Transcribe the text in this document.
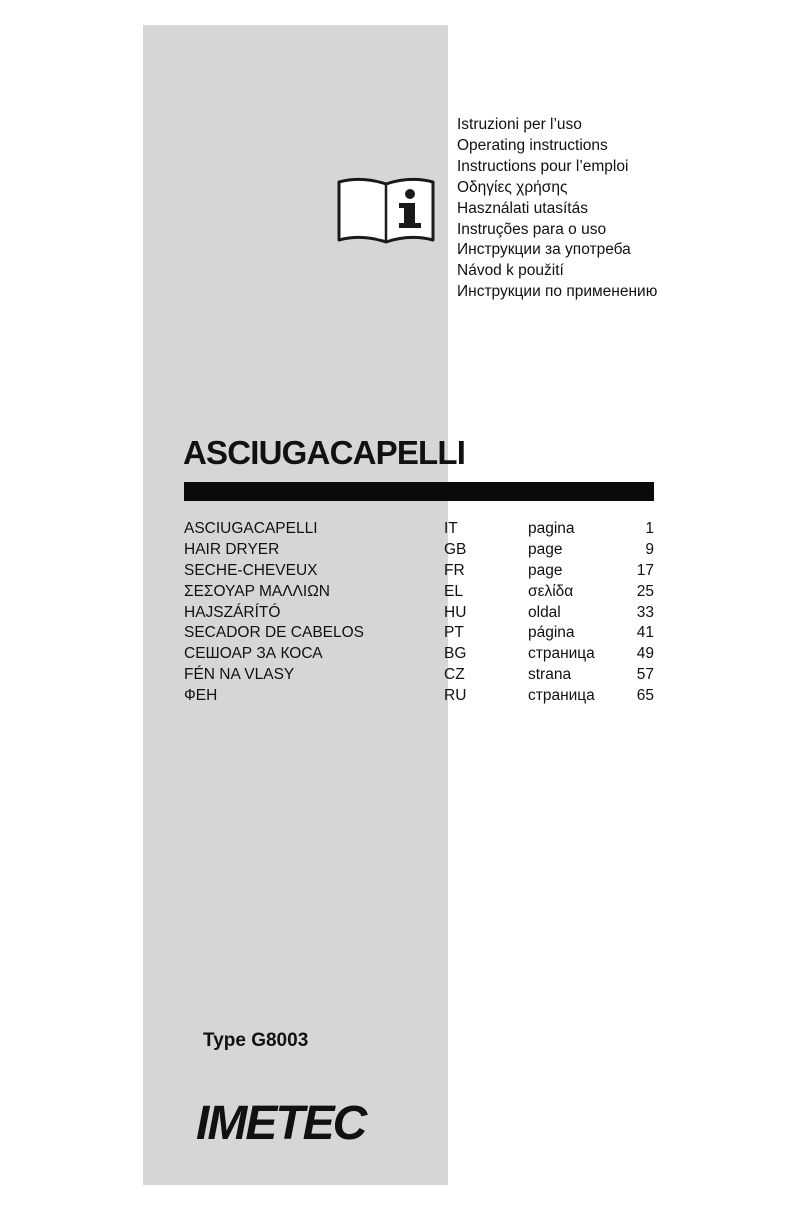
Istruzioni per l’uso
Operating instructions
Instructions pour l’emploi
Οδηγίες χρήσης
Használati utasítás
Instruções para o uso
Инструкции за употреба
Návod k použití
Инструкции по применению
ASCIUGACAPELLI
ASCIUGACAPELLI	IT	pagina	1
HAIR DRYER	GB	page	9
SECHE-CHEVEUX	FR	page	17
ΣΕΣΟΥΑΡ ΜΑΛΛΙΩΝ	EL	σελίδα	25
HAJSZÁRÍTÓ	HU	oldal	33
SECADOR DE CABELOS	PT	página	41
СЕШОАР ЗА КОСА	BG	страница	49
FÉN NA VLASY	CZ	strana	57
ФЕН	RU	страница	65
Type G8003
IMETEC
